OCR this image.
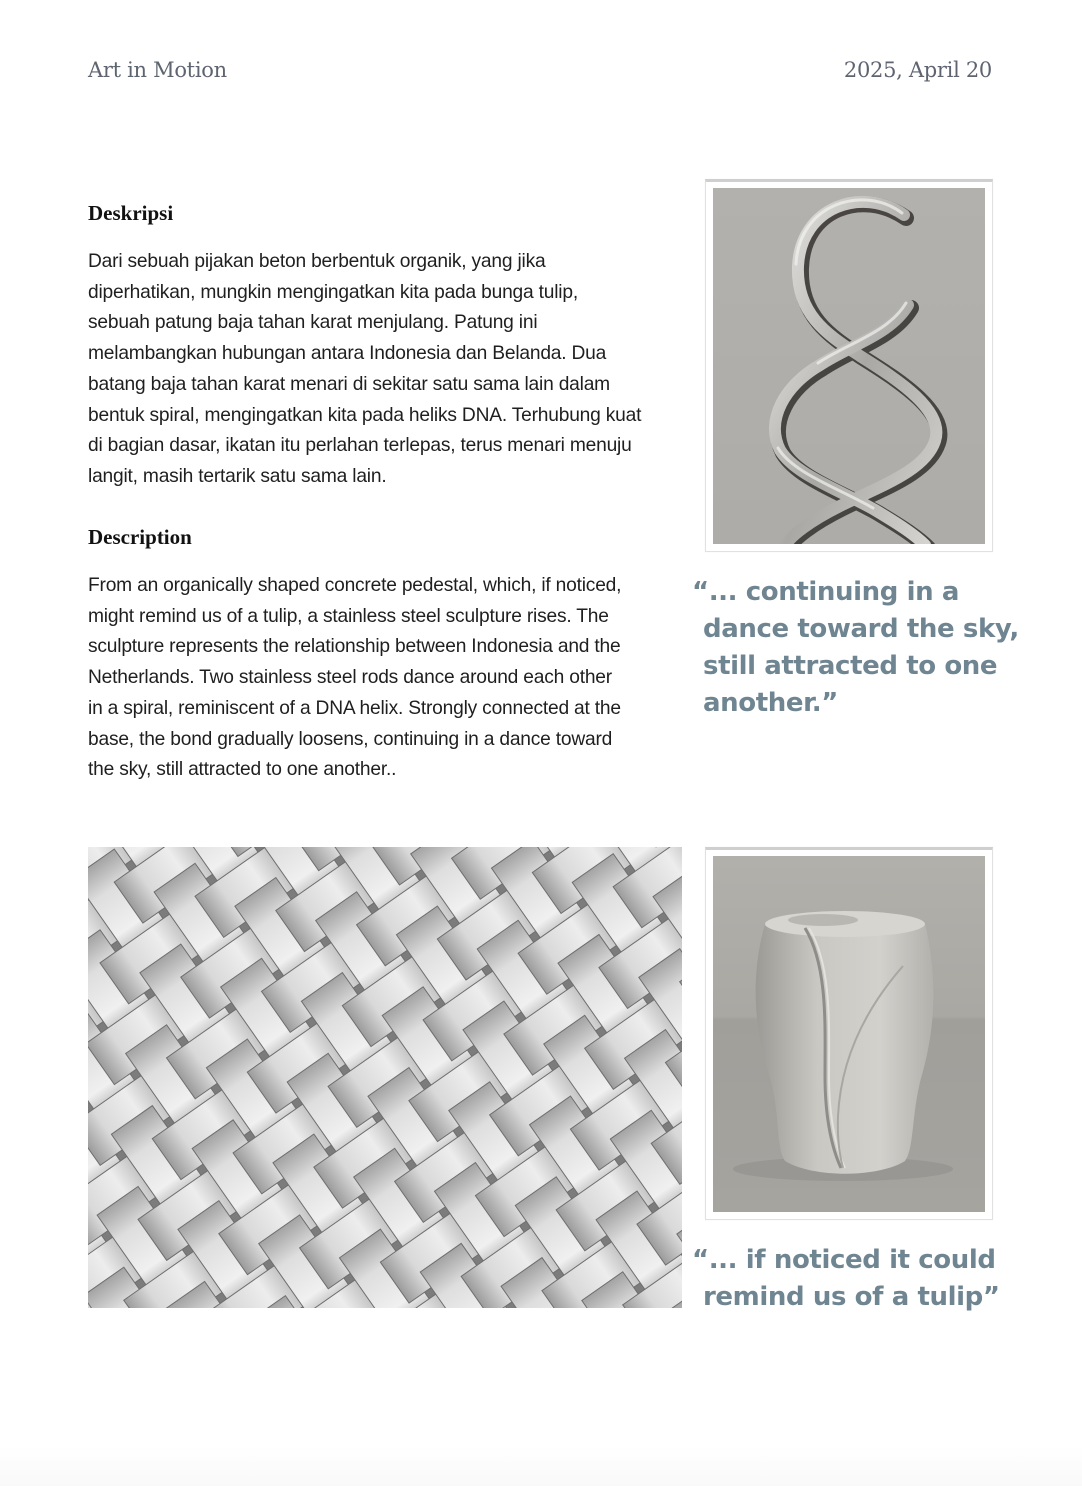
Art in Motion	2025, April 20
Deskripsi
Dari sebuah pijakan beton berbentuk organik, yang jika
diperhatikan, mungkin mengingatkan kita pada bunga tulip,
sebuah patung baja tahan karat menjulang. Patung ini
melambangkan hubungan antara Indonesia dan Belanda. Dua
batang baja tahan karat menari di sekitar satu sama lain dalam
bentuk spiral, mengingatkan kita pada heliks DNA. Terhubung kuat
di bagian dasar, ikatan itu perlahan terlepas, terus menari menuju
langit, masih tertarik satu sama lain.
Description
From an organically shaped concrete pedestal, which, if noticed,
might remind us of a tulip, a stainless steel sculpture rises. The
sculpture represents the relationship between Indonesia and the
Netherlands. Two stainless steel rods dance around each other
in a spiral, reminiscent of a DNA helix. Strongly connected at the
base, the bond gradually loosens, continuing in a dance toward
the sky, still attracted to one another..
“... continuing in a
dance toward the sky,
still attracted to one
another.”
“... if noticed it could
remind us of a tulip”
